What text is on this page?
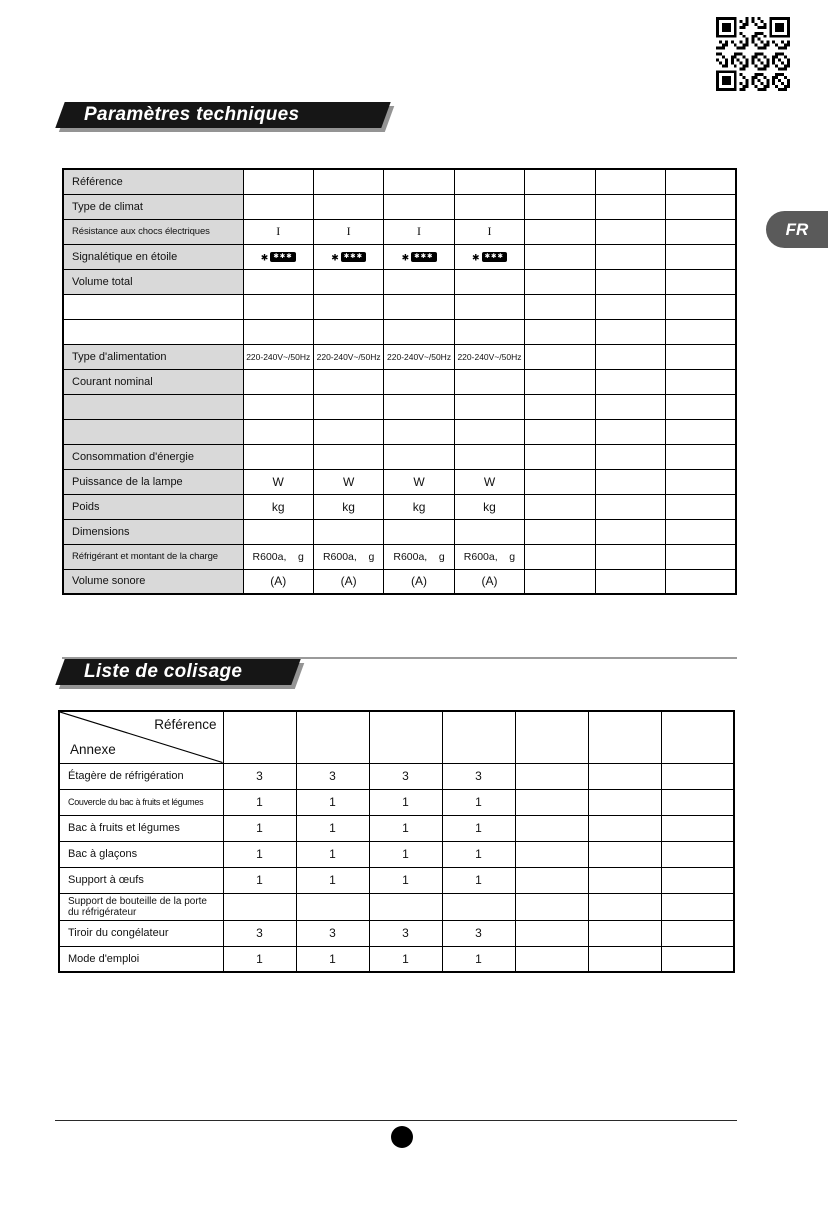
Paramètres techniques
FR
Référence							
Type de climat							
Résistance aux chocs électriques	I	I	I	I			
Signalétique en étoile	✱ ✱✱✱	✱ ✱✱✱	✱ ✱✱✱	✱ ✱✱✱			
Volume total							

Type d'alimentation	220-240V~/50Hz	220-240V~/50Hz	220-240V~/50Hz	220-240V~/50Hz			
Courant nominal							

Consommation d'énergie							
Puissance de la lampe	W	W	W	W			
Poids	kg	kg	kg	kg			
Dimensions							
Réfrigérant et montant de la charge	R600a,    g	R600a,    g	R600a,    g	R600a,    g			
Volume sonore	(A)	(A)	(A)	(A)			
Liste de colisage
Référence
Annexe							

Étagère de réfrigération	3	3	3	3			
Couvercle du bac à fruits et légumes	1	1	1	1			
Bac à fruits et légumes	1	1	1	1			
Bac à glaçons	1	1	1	1			
Support à œufs	1	1	1	1			
Support de bouteille de la porte du réfrigérateur							
Tiroir du congélateur	3	3	3	3			
Mode d'emploi	1	1	1	1			
